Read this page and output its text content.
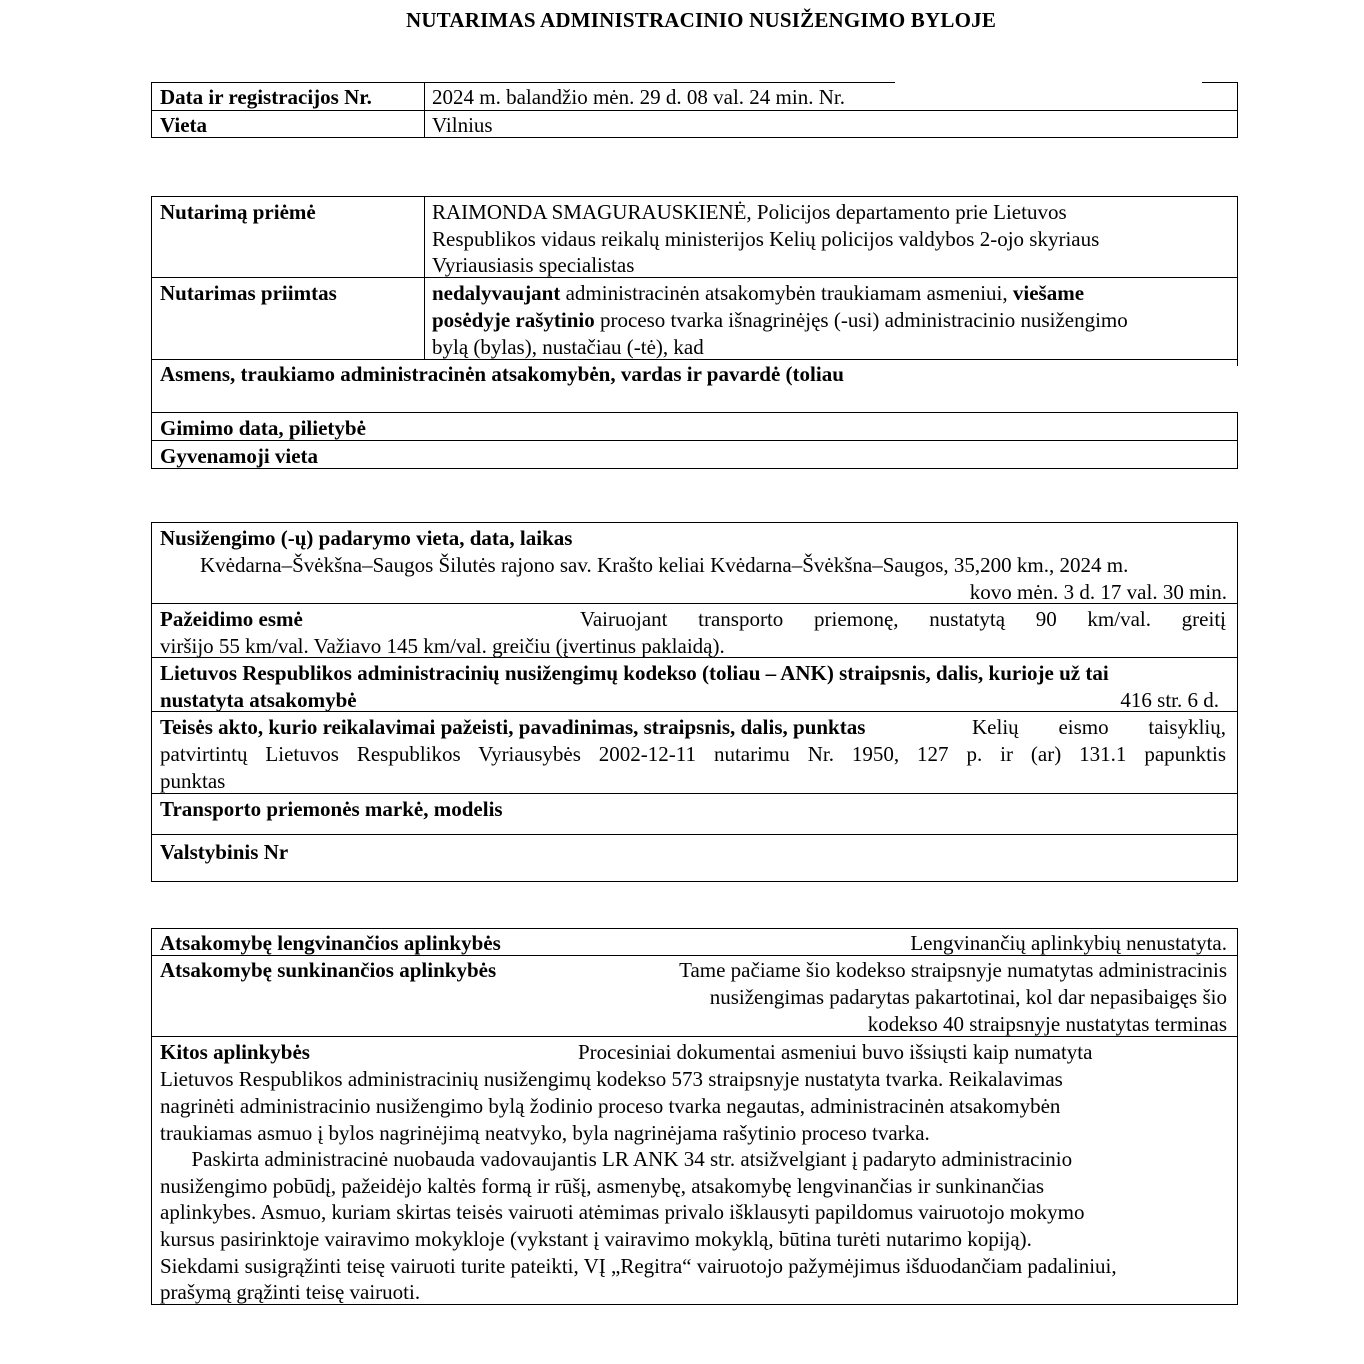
NUTARIMAS ADMINISTRACINIO NUSIŽENGIMO BYLOJE
Data ir registracijos Nr.	2024 m. balandžio mėn. 29 d. 08 val. 24 min. Nr.
Vieta	Vilnius
Nutarimą priėmė	RAIMONDA SMAGURAUSKIENĖ, Policijos departamento prie Lietuvos
Respublikos vidaus reikalų ministerijos Kelių policijos valdybos 2-ojo skyriaus
Vyriausiasis specialistas
Nutarimas priimtas	nedalyvaujant administracinėn atsakomybėn traukiamam asmeniui, viešame
posėdyje rašytinio proceso tvarka išnagrinėjęs (-usi) administracinio nusižengimo
bylą (bylas), nustačiau (-tė), kad
Asmens, traukiamo administracinėn atsakomybėn, vardas ir pavardė (toliau
Gimimo data, pilietybė
Gyvenamoji vieta
Nusižengimo (-ų) padarymo vieta, data, laikas
Kvėdarna–Švėkšna–Saugos Šilutės rajono sav. Krašto keliai Kvėdarna–Švėkšna–Saugos, 35,200 km., 2024 m.
kovo mėn. 3 d. 17 val. 30 min.
Pažeidimo esmė	Vairuojant transporto priemonę, nustatytą 90 km/val. greitį
viršijo 55 km/val. Važiavo 145 km/val. greičiu (įvertinus paklaidą).
Lietuvos Respublikos administracinių nusižengimų kodekso (toliau – ANK) straipsnis, dalis, kurioje už tai
nustatyta atsakomybė	416 str. 6 d.
Teisės akto, kurio reikalavimai pažeisti, pavadinimas, straipsnis, dalis, punktas	Kelių eismo taisyklių,
patvirtintų Lietuvos Respublikos Vyriausybės 2002-12-11 nutarimu Nr. 1950, 127 p. ir (ar) 131.1 papunktis
punktas
Transporto priemonės markė, modelis
Valstybinis Nr
Atsakomybę lengvinančios aplinkybės	Lengvinančių aplinkybių nenustatyta.
Atsakomybę sunkinančios aplinkybės	Tame pačiame šio kodekso straipsnyje numatytas administracinis
nusižengimas padarytas pakartotinai, kol dar nepasibaigęs šio
kodekso 40 straipsnyje nustatytas terminas
Kitos aplinkybės	Procesiniai dokumentai asmeniui buvo išsiųsti kaip numatyta
Lietuvos Respublikos administracinių nusižengimų kodekso 573 straipsnyje nustatyta tvarka. Reikalavimas
nagrinėti administracinio nusižengimo bylą žodinio proceso tvarka negautas, administracinėn atsakomybėn
traukiamas asmuo į bylos nagrinėjimą neatvyko, byla nagrinėjama rašytinio proceso tvarka.
Paskirta administracinė nuobauda vadovaujantis LR ANK 34 str. atsižvelgiant į padaryto administracinio
nusižengimo pobūdį, pažeidėjo kaltės formą ir rūšį, asmenybę, atsakomybę lengvinančias ir sunkinančias
aplinkybes. Asmuo, kuriam skirtas teisės vairuoti atėmimas privalo išklausyti papildomus vairuotojo mokymo
kursus pasirinktoje vairavimo mokykloje (vykstant į vairavimo mokyklą, būtina turėti nutarimo kopiją).
Siekdami susigrąžinti teisę vairuoti turite pateikti, VĮ „Regitra“ vairuotojo pažymėjimus išduodančiam padaliniui,
prašymą grąžinti teisę vairuoti.
